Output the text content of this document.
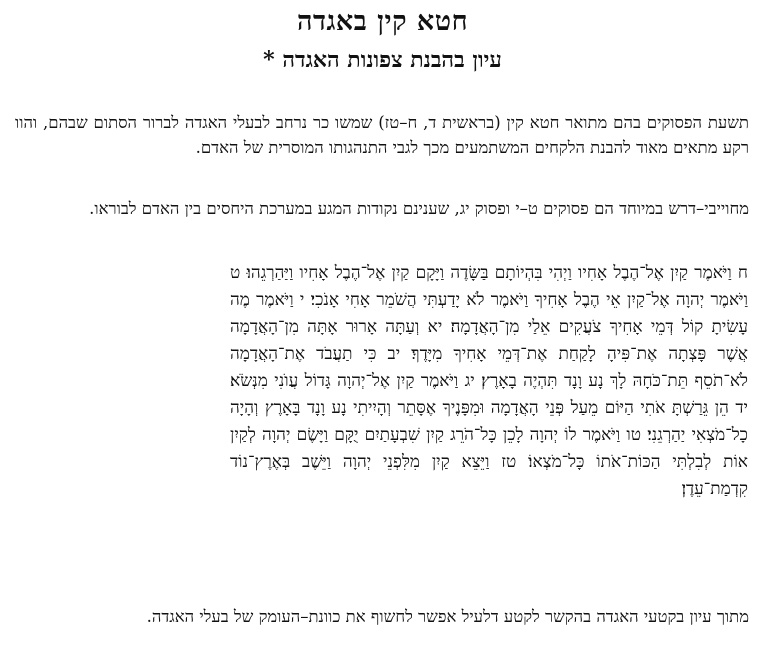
חטא קין באגדה
עיון בהבנת צפונות האגדה *
תשעת הפסוקים בהם מתואר חטא קין (בראשית ד, ח–טז) שמשו כר נרחב לבעלי האגדה לברור הסתום שבהם, והוו רקע מתאים מאוד להבנת הלקחים המשתמעים מכך לגבי התנהגותו המוסרית של האדם.
מחוייבי–דרש במיוחד הם פסוקים ט–י ופסוק יג, שענינם נקודות המגע במערכת היחסים בין האדם לבוראו.
ח וַיֹּאמֶר קַיִן אֶל־הֶבֶל אָחִיו וַיְהִי בִּהְיוֹתָם בַּשָּׂדֶה וַיָּקָם קַיִן אֶל־הֶבֶל אָחִיו וַיַּהַרְגֵהוּ׃ ט וַיֹּאמֶר יְהוָה אֶל־קַיִן אֵי הֶבֶל אָחִיךָ וַיֹּאמֶר לֹא יָדַעְתִּי הֲשֹׁמֵר אָחִי אָנֹכִי׃ י וַיֹּאמֶר מֶה עָשִׂיתָ קוֹל דְּמֵי אָחִיךָ צֹעֲקִים אֵלַי מִן־הָאֲדָמָה׃ יא וְעַתָּה אָרוּר אָתָּה מִן־הָאֲדָמָה אֲשֶׁר פָּצְתָה אֶת־פִּיהָ לָקַחַת אֶת־דְּמֵי אָחִיךָ מִיָּדֶךָ׃ יב כִּי תַעֲבֹד אֶת־הָאֲדָמָה לֹא־תֹסֵף תֵּת־כֹּחָהּ לָךְ נָע וָנָד תִּהְיֶה בָאָרֶץ׃ יג וַיֹּאמֶר קַיִן אֶל־יְהוָה גָּדוֹל עֲוֺנִי מִנְּשֹׂא׃ יד הֵן גֵּרַשְׁתָּ אֹתִי הַיּוֹם מֵעַל פְּנֵי הָאֲדָמָה וּמִפָּנֶיךָ אֶסָּתֵר וְהָיִיתִי נָע וָנָד בָּאָרֶץ וְהָיָה כָל־מֹצְאִי יַהַרְגֵנִי׃ טו וַיֹּאמֶר לוֹ יְהוָה לָכֵן כָּל־הֹרֵג קַיִן שִׁבְעָתַיִם יֻקָּם וַיָּשֶׂם יְהוָה לְקַיִן אוֹת לְבִלְתִּי הַכּוֹת־אֹתוֹ כָּל־מֹצְאוֹ׃ טז וַיֵּצֵא קַיִן מִלִּפְנֵי יְהוָה וַיֵּשֶׁב בְּאֶרֶץ־נוֹד קִדְמַת־עֵדֶן׃
מתוך עיון בקטעי האגדה בהקשר לקטע דלעיל אפשר לחשוף את כוונת–העומק של בעלי האגדה.
